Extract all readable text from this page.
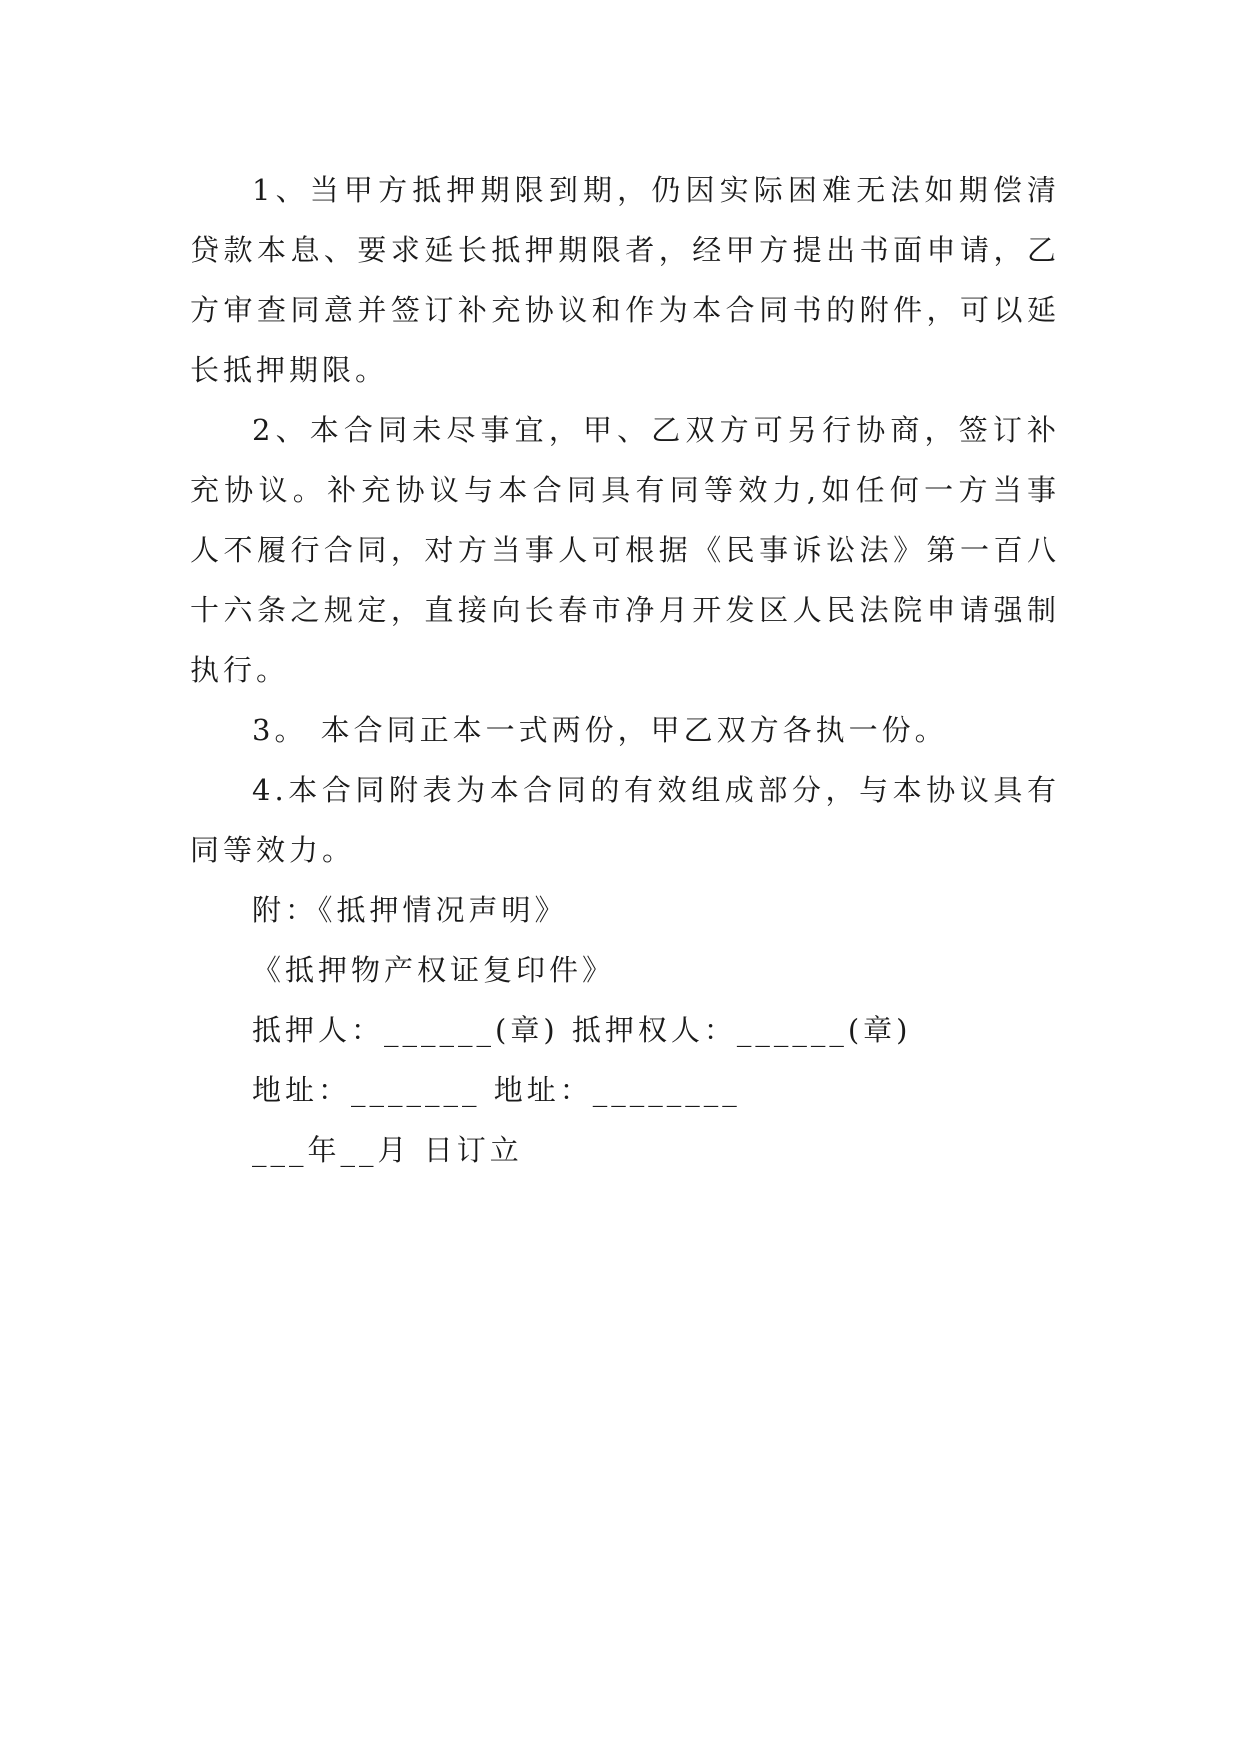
1、当甲方抵押期限到期，仍因实际困难无法如期偿清贷款本息、要求延长抵押期限者，经甲方提出书面申请，乙方审查同意并签订补充协议和作为本合同书的附件，可以延长抵押期限。

2、本合同未尽事宜，甲、乙双方可另行协商，签订补充协议。补充协议与本合同具有同等效力,如任何一方当事人不履行合同，对方当事人可根据《民事诉讼法》第一百八十六条之规定，直接向长春市净月开发区人民法院申请强制执行。

3。 本合同正本一式两份，甲乙双方各执一份。

4.本合同附表为本合同的有效组成部分，与本协议具有同等效力。

附：《抵押情况声明》

《抵押物产权证复印件》

抵押人：______(章) 抵押权人：______(章)

地址：_______ 地址：________

___年__月 日订立
